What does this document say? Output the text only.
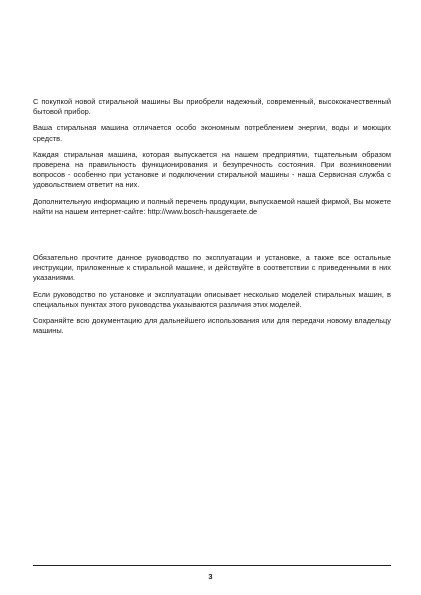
С покупкой новой стиральной машины Вы приобрели надежный, современный, высококачественный бытовой прибор.

Ваша стиральная машина отличается особо экономным потреблением энергии, воды и моющих средств.

Каждая стиральная машина, которая выпускается на нашем предприятии, тщательным образом проверена на правильность функционирования и безупречность состояния. При возникновении вопросов - особенно при установке и подключении стиральной машины - наша Сервисная служба с удовольствием ответит на них.

Дополнительную информацию и полный перечень продукции, выпускаемой нашей фирмой, Вы можете найти на нашем интернет-сайте: http://www.bosch-hausgeraete.de

Обязательно прочтите данное руководство по эксплуатации и установке, а также все остальные инструкции, приложенные к стиральной машине, и действуйте в соответствии с приведенными в них указаниями.

Если руководство по установке и эксплуатации описывает несколько моделей стиральных машин, в специальных пунктах этого руководства указываются различия этих моделей.

Сохраняйте всю документацию для дальнейшего использования или для передачи новому владельцу машины.

3
